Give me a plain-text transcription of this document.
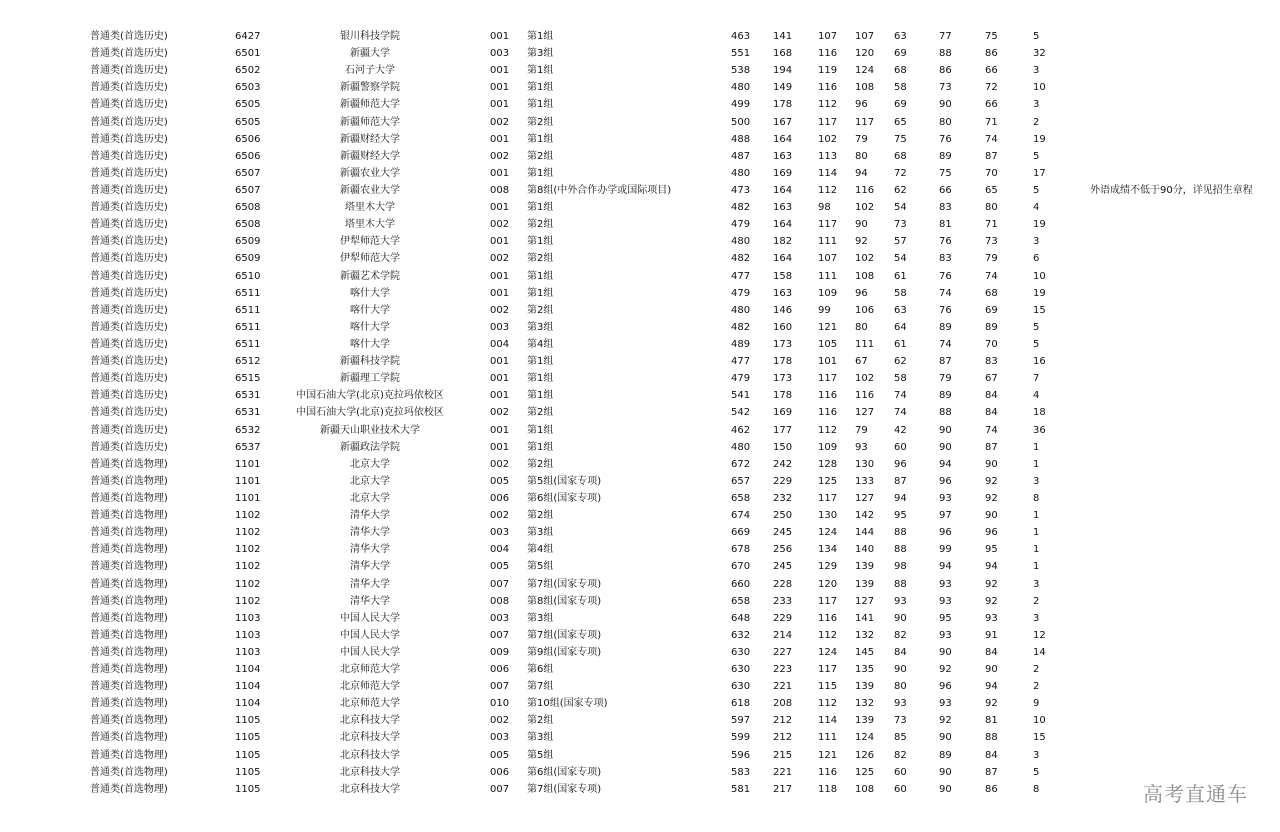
普通类(首选历史)	6427	银川科技学院	001 第1组	463 141	107 107 63	77	75	5
普通类(首选历史)	6501	新疆大学	003 第3组	551 168	116 120 69	88	86	32
普通类(首选历史)	6502	石河子大学	001 第1组	538 194	119 124 68	86	66	3
普通类(首选历史)	6503	新疆警察学院	001 第1组	480 149	116 108 58	73	72	10
普通类(首选历史)	6505	新疆师范大学	001 第1组	499 178	112 96	69	90	66	3
普通类(首选历史)	6505	新疆师范大学	002 第2组	500 167	117 117 65	80	71	2
普通类(首选历史)	6506	新疆财经大学	001 第1组	488 164	102 79	75	76	74	19
普通类(首选历史)	6506	新疆财经大学	002 第2组	487 163	113 80	68	89	87	5
普通类(首选历史)	6507	新疆农业大学	001 第1组	480 169	114 94	72	75	70	17
普通类(首选历史)	6507	新疆农业大学	008 第8组(中外合作办学或国际项目)	473 164	112 116 62	66	65	5	外语成绩不低于90分，详见招生章程
普通类(首选历史)	6508	塔里木大学	001 第1组	482 163	98 102 54	83	80	4
普通类(首选历史)	6508	塔里木大学	002 第2组	479 164	117 90	73	81	71	19
普通类(首选历史)	6509	伊犁师范大学	001 第1组	480 182	111 92	57	76	73	3
普通类(首选历史)	6509	伊犁师范大学	002 第2组	482 164	107 102 54	83	79	6
普通类(首选历史)	6510	新疆艺术学院	001 第1组	477 158	111 108 61	76	74	10
普通类(首选历史)	6511	喀什大学	001 第1组	479 163	109 96	58	74	68	19
普通类(首选历史)	6511	喀什大学	002 第2组	480 146	99 106 63	76	69	15
普通类(首选历史)	6511	喀什大学	003 第3组	482 160	121 80	64	89	89	5
普通类(首选历史)	6511	喀什大学	004 第4组	489 173	105 111 61	74	70	5
普通类(首选历史)	6512	新疆科技学院	001 第1组	477 178	101 67	62	87	83	16
普通类(首选历史)	6515	新疆理工学院	001 第1组	479 173	117 102 58	79	67	7
普通类(首选历史)	6531	中国石油大学(北京)克拉玛依校区	001 第1组	541 178	116 116 74	89	84	4
普通类(首选历史)	6531	中国石油大学(北京)克拉玛依校区	002 第2组	542 169	116 127 74	88	84	18
普通类(首选历史)	6532	新疆天山职业技术大学	001 第1组	462 177	112 79	42	90	74	36
普通类(首选历史)	6537	新疆政法学院	001 第1组	480 150	109 93	60	90	87	1
普通类(首选物理)	1101	北京大学	002 第2组	672 242	128 130 96	94	90	1
普通类(首选物理)	1101	北京大学	005 第5组(国家专项)	657 229	125 133 87	96	92	3
普通类(首选物理)	1101	北京大学	006 第6组(国家专项)	658 232	117 127 94	93	92	8
普通类(首选物理)	1102	清华大学	002 第2组	674 250	130 142 95	97	90	1
普通类(首选物理)	1102	清华大学	003 第3组	669 245	124 144 88	96	96	1
普通类(首选物理)	1102	清华大学	004 第4组	678 256	134 140 88	99	95	1
普通类(首选物理)	1102	清华大学	005 第5组	670 245	129 139 98	94	94	1
普通类(首选物理)	1102	清华大学	007 第7组(国家专项)	660 228	120 139 88	93	92	3
普通类(首选物理)	1102	清华大学	008 第8组(国家专项)	658 233	117 127 93	93	92	2
普通类(首选物理)	1103	中国人民大学	003 第3组	648 229	116 141 90	95	93	3
普通类(首选物理)	1103	中国人民大学	007 第7组(国家专项)	632 214	112 132 82	93	91	12
普通类(首选物理)	1103	中国人民大学	009 第9组(国家专项)	630 227	124 145 84	90	84	14
普通类(首选物理)	1104	北京师范大学	006 第6组	630 223	117 135 90	92	90	2
普通类(首选物理)	1104	北京师范大学	007 第7组	630 221	115 139 80	96	94	2
普通类(首选物理)	1104	北京师范大学	010 第10组(国家专项)	618 208	112 132 93	93	92	9
普通类(首选物理)	1105	北京科技大学	002 第2组	597 212	114 139 73	92	81	10
普通类(首选物理)	1105	北京科技大学	003 第3组	599 212	111 124 85	90	88	15
普通类(首选物理)	1105	北京科技大学	005 第5组	596 215	121 126 82	89	84	3
普通类(首选物理)	1105	北京科技大学	006 第6组(国家专项)	583 221	116 125 60	90	87	5
普通类(首选物理)	1105	北京科技大学	007 第7组(国家专项)	581 217	118 108 60	90	86	8	高考直通车
